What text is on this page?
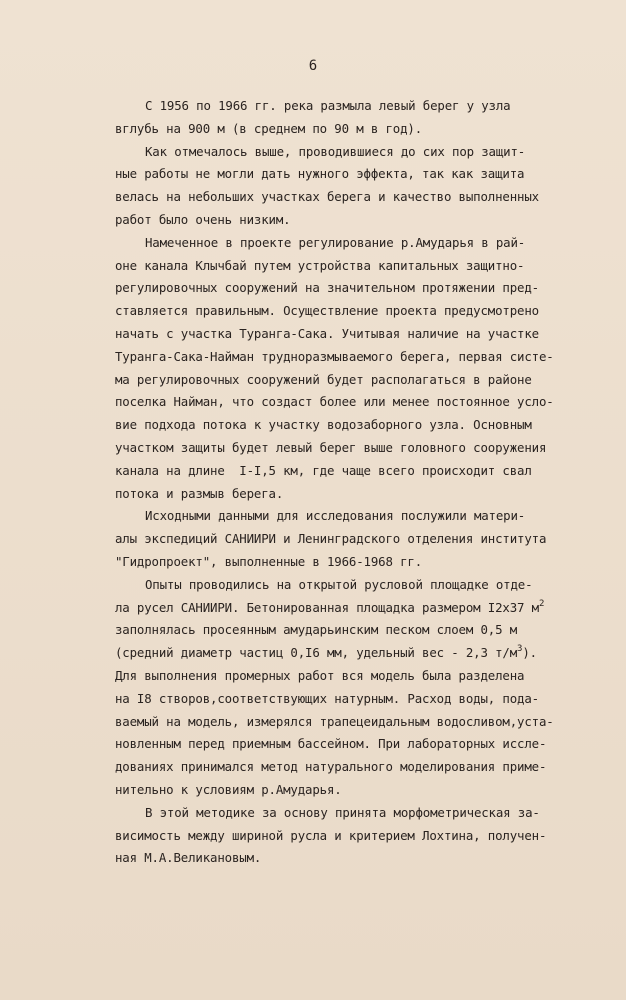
6
С 1956 по 1966 гг. река размыла левый берег у узла
вглубь на 900 м (в среднем по 90 м в год).
Как отмечалось выше, проводившиеся до сих пор защит-
ные работы не могли дать нужного эффекта, так как защита
велась на небольших участках берега и качество выполненных
работ было очень низким.
Намеченное в проекте регулирование р.Амударья в рай-
оне канала Клычбай путем устройства капитальных защитно-
регулировочных сооружений на значительном протяжении пред-
ставляется правильным. Осуществление проекта предусмотрено
начать с участка Туранга-Сака. Учитывая наличие на участке
Туранга-Сака-Найман трудноразмываемого берега, первая систе-
ма регулировочных сооружений будет располагаться в районе
поселка Найман, что создаст более или менее постоянное усло-
вие подхода потока к участку водозаборного узла. Основным
участком защиты будет левый берег выше головного сооружения
канала на длине  I-I,5 км, где чаще всего происходит свал
потока и размыв берега.
Исходными данными для исследования послужили матери-
алы экспедиций САНИИРИ и Ленинградского отделения института
"Гидропроект", выполненные в 1966-1968 гг.
Опыты проводились на открытой русловой площадке отде-
ла русел САНИИРИ. Бетонированная площадка размером I2х37 $м^2$
заполнялась просеянным амударьинским песком слоем 0,5 м
(средний диаметр частиц 0,I6 мм, удельный вес - 2,3 $т/м^3$).
Для выполнения промерных работ вся модель была разделена
на I8 створов,соответствующих натурным. Расход воды, пода-
ваемый на модель, измерялся трапецеидальным водосливом,уста-
новленным перед приемным бассейном. При лабораторных иссле-
дованиях принимался метод натурального моделирования приме-
нительно к условиям р.Амударья.
В этой методике за основу принята морфометрическая за-
висимость между шириной русла и критерием Лохтина, получен-
ная М.А.Великановым.
